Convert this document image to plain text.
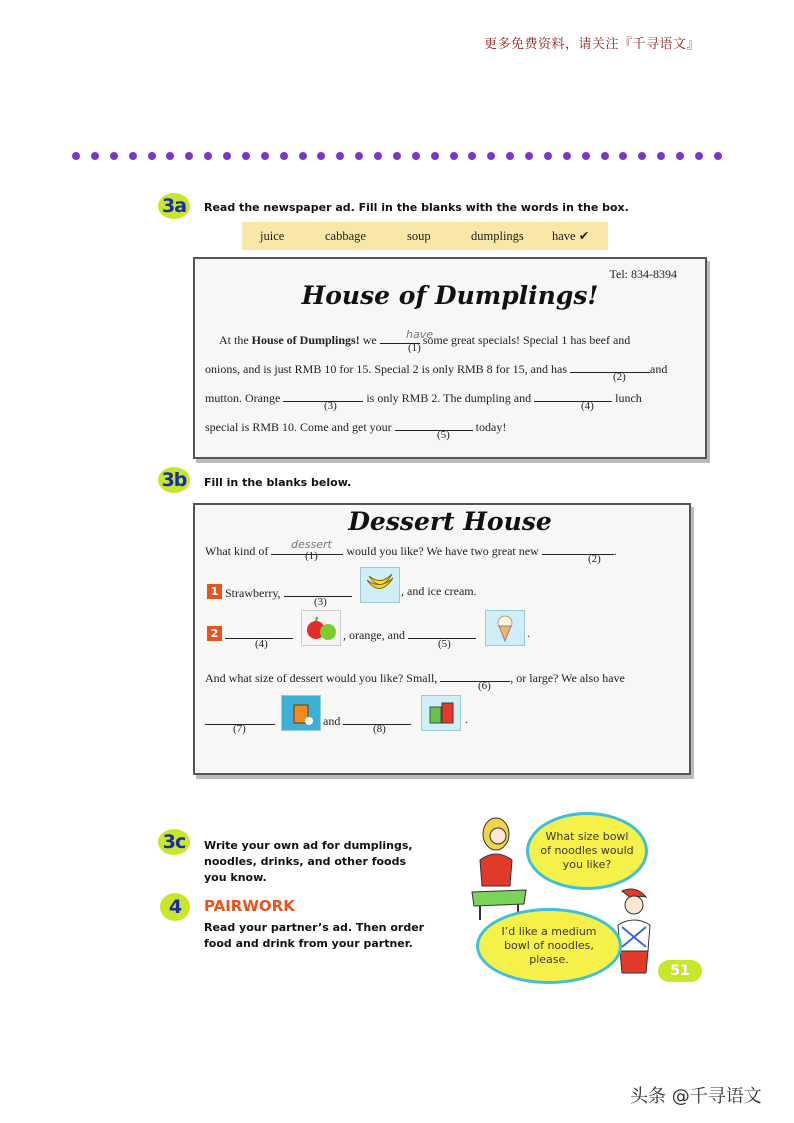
更多免费资料，请关注『千寻语文』
3a	Read the newspaper ad. Fill in the blanks with the words in the box.
juice	cabbage	soup	dumplings have ✔
Tel: 834-8394
House of Dumplings!
At the House of Dumplings! we	some great specials! Special 1 has beef and
have
(1)
onions, and is just RMB 10 for 15. Special 2 is only RMB 8 for 15, and has	and
(2)
mutton. Orange	is only RMB 2. The dumpling and	lunch
(3)	(4)
special is RMB 10. Come and get your	today!
(5)
3b	Fill in the blanks below.
Dessert House
What kind of	would you like? We have two great new	.
dessert
(1)	(2)
1 Strawberry,
(3)
, and ice cream.
2
(4)
, orange, and
(5)
.
And what size of dessert would you like? Small,	, or large? We also have
(6)
(7)
and
(8)
.
3c	Write your own ad for dumplings,
noodles, drinks, and other foods
you know.
4	PAIRWORK
Read your partner’s ad. Then order
food and drink from your partner.
What size bowl
of noodles would
you like?
I’d like a medium
bowl of noodles,
please.
51
头条 @千寻语文
